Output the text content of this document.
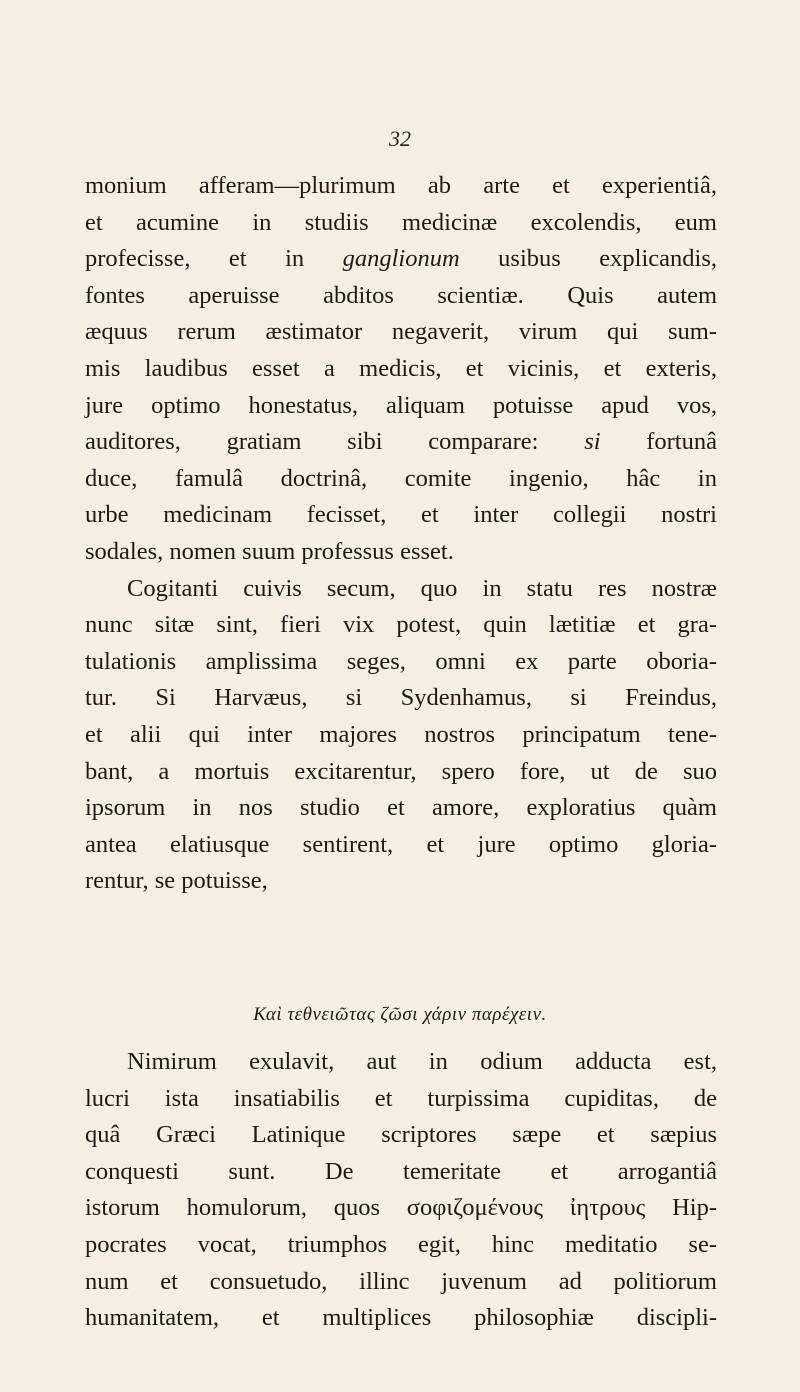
32
monium afferam—plurimum ab arte et experientiâ,
et acumine in studiis medicinæ excolendis, eum
profecisse, et in ganglionum usibus explicandis,
fontes aperuisse abditos scientiæ. Quis autem
æquus rerum æstimator negaverit, virum qui sum-
mis laudibus esset a medicis, et vicinis, et exteris,
jure optimo honestatus, aliquam potuisse apud vos,
auditores, gratiam sibi comparare: si fortunâ
duce, famulâ doctrinâ, comite ingenio, hâc in
urbe medicinam fecisset, et inter collegii nostri
sodales, nomen suum professus esset.
Cogitanti cuivis secum, quo in statu res nostræ
nunc sitæ sint, fieri vix potest, quin lætitiæ et gra-
tulationis amplissima seges, omni ex parte oboria-
tur. Si Harvæus, si Sydenhamus, si Freindus,
et alii qui inter majores nostros principatum tene-
bant, a mortuis excitarentur, spero fore, ut de suo
ipsorum in nos studio et amore, exploratius quàm
antea elatiusque sentirent, et jure optimo gloria-
rentur, se potuisse,
Καὶ τεθνειῶτας ζῶσι χάριν παρέχειν.
Nimirum exulavit, aut in odium adducta est,
lucri ista insatiabilis et turpissima cupiditas, de
quâ Græci Latinique scriptores sæpe et sæpius
conquesti sunt. De temeritate et arrogantiâ
istorum homulorum, quos σοφιζομένους ἰητρους Hip-
pocrates vocat, triumphos egit, hinc meditatio se-
num et consuetudo, illinc juvenum ad politiorum
humanitatem, et multiplices philosophiæ discipli-
